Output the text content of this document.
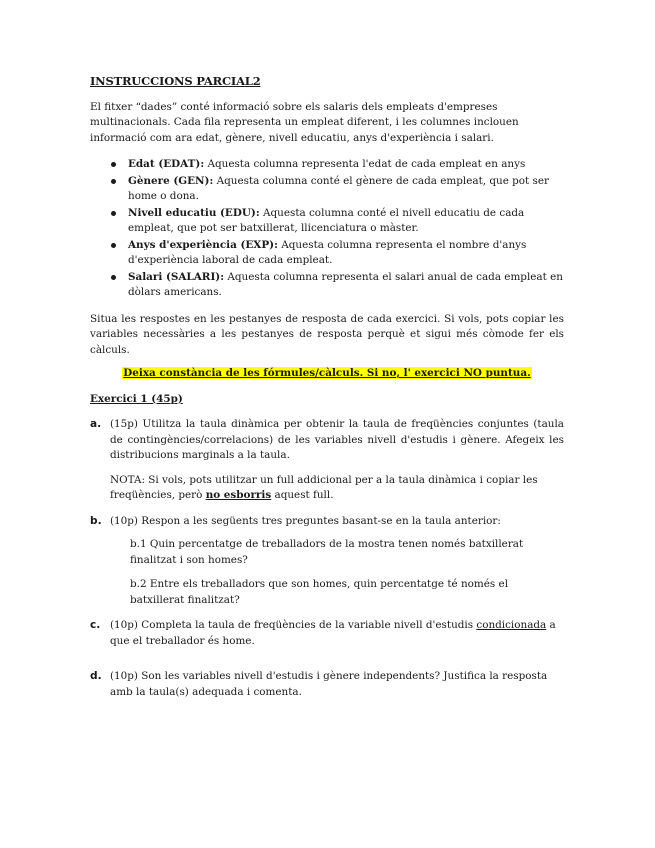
INSTRUCCIONS PARCIAL2

El fitxer “dades” conté informació sobre els salaris dels empleats d'empreses multinacionals. Cada fila representa un empleat diferent, i les columnes inclouen informació com ara edat, gènere, nivell educatiu, anys d'experiència i salari.

Edat (EDAT): Aquesta columna representa l'edat de cada empleat en anys
Gènere (GEN): Aquesta columna conté el gènere de cada empleat, que pot ser home o dona.
Nivell educatiu (EDU): Aquesta columna conté el nivell educatiu de cada empleat, que pot ser batxillerat, llicenciatura o màster.
Anys d'experiència (EXP): Aquesta columna representa el nombre d'anys d'experiència laboral de cada empleat.
Salari (SALARI): Aquesta columna representa el salari anual de cada empleat en dòlars americans.

Situa les respostes en les pestanyes de resposta de cada exercici. Si vols, pots copiar les variables necessàries a les pestanyes de resposta perquè et sigui més còmode fer els càlculs.

Deixa constància de les fórmules/càlculs. Si no, l' exercici NO puntua.
Exercici 1 (45p)
a. (15p) Utilitza la taula dinàmica per obtenir la taula de freqüències conjuntes (taula de contingències/correlacions) de les variables nivell d'estudis i gènere. Afegeix les distribucions marginals a la taula.

NOTA: Si vols, pots utilitzar un full addicional per a la taula dinàmica i copiar les freqüències, però no esborris aquest full.

b. (10p) Respon a les següents tres preguntes basant-se en la taula anterior:

b.1 Quin percentatge de treballadors de la mostra tenen només batxillerat finalitzat i son homes?

b.2 Entre els treballadors que son homes, quin percentatge té només el batxillerat finalitzat?

c. (10p) Completa la taula de freqüències de la variable nivell d'estudis condicionada a que el treballador és home.

d. (10p) Son les variables nivell d'estudis i gènere independents? Justifica la resposta amb la taula(s) adequada i comenta.
